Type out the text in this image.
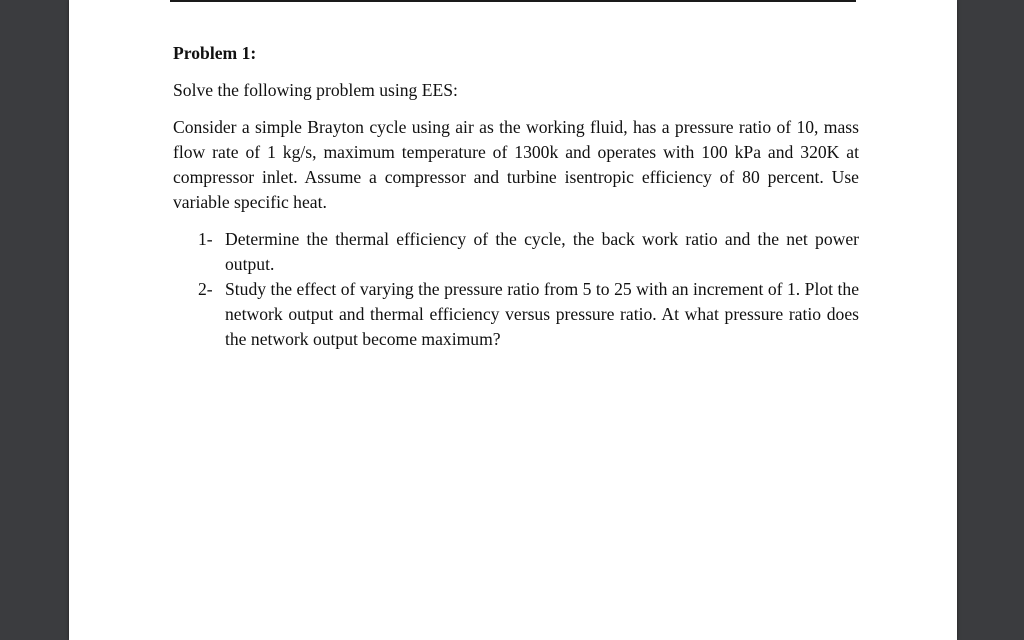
Problem 1:
Solve the following problem using EES:
Consider a simple Brayton cycle using air as the working fluid, has a pressure ratio of 10, mass flow rate of 1 kg/s, maximum temperature of 1300k and operates with 100 kPa and 320K at compressor inlet. Assume a compressor and turbine isentropic efficiency of 80 percent. Use variable specific heat.
1- Determine the thermal efficiency of the cycle, the back work ratio and the net power output.
2- Study the effect of varying the pressure ratio from 5 to 25 with an increment of 1. Plot the network output and thermal efficiency versus pressure ratio. At what pressure ratio does the network output become maximum?
